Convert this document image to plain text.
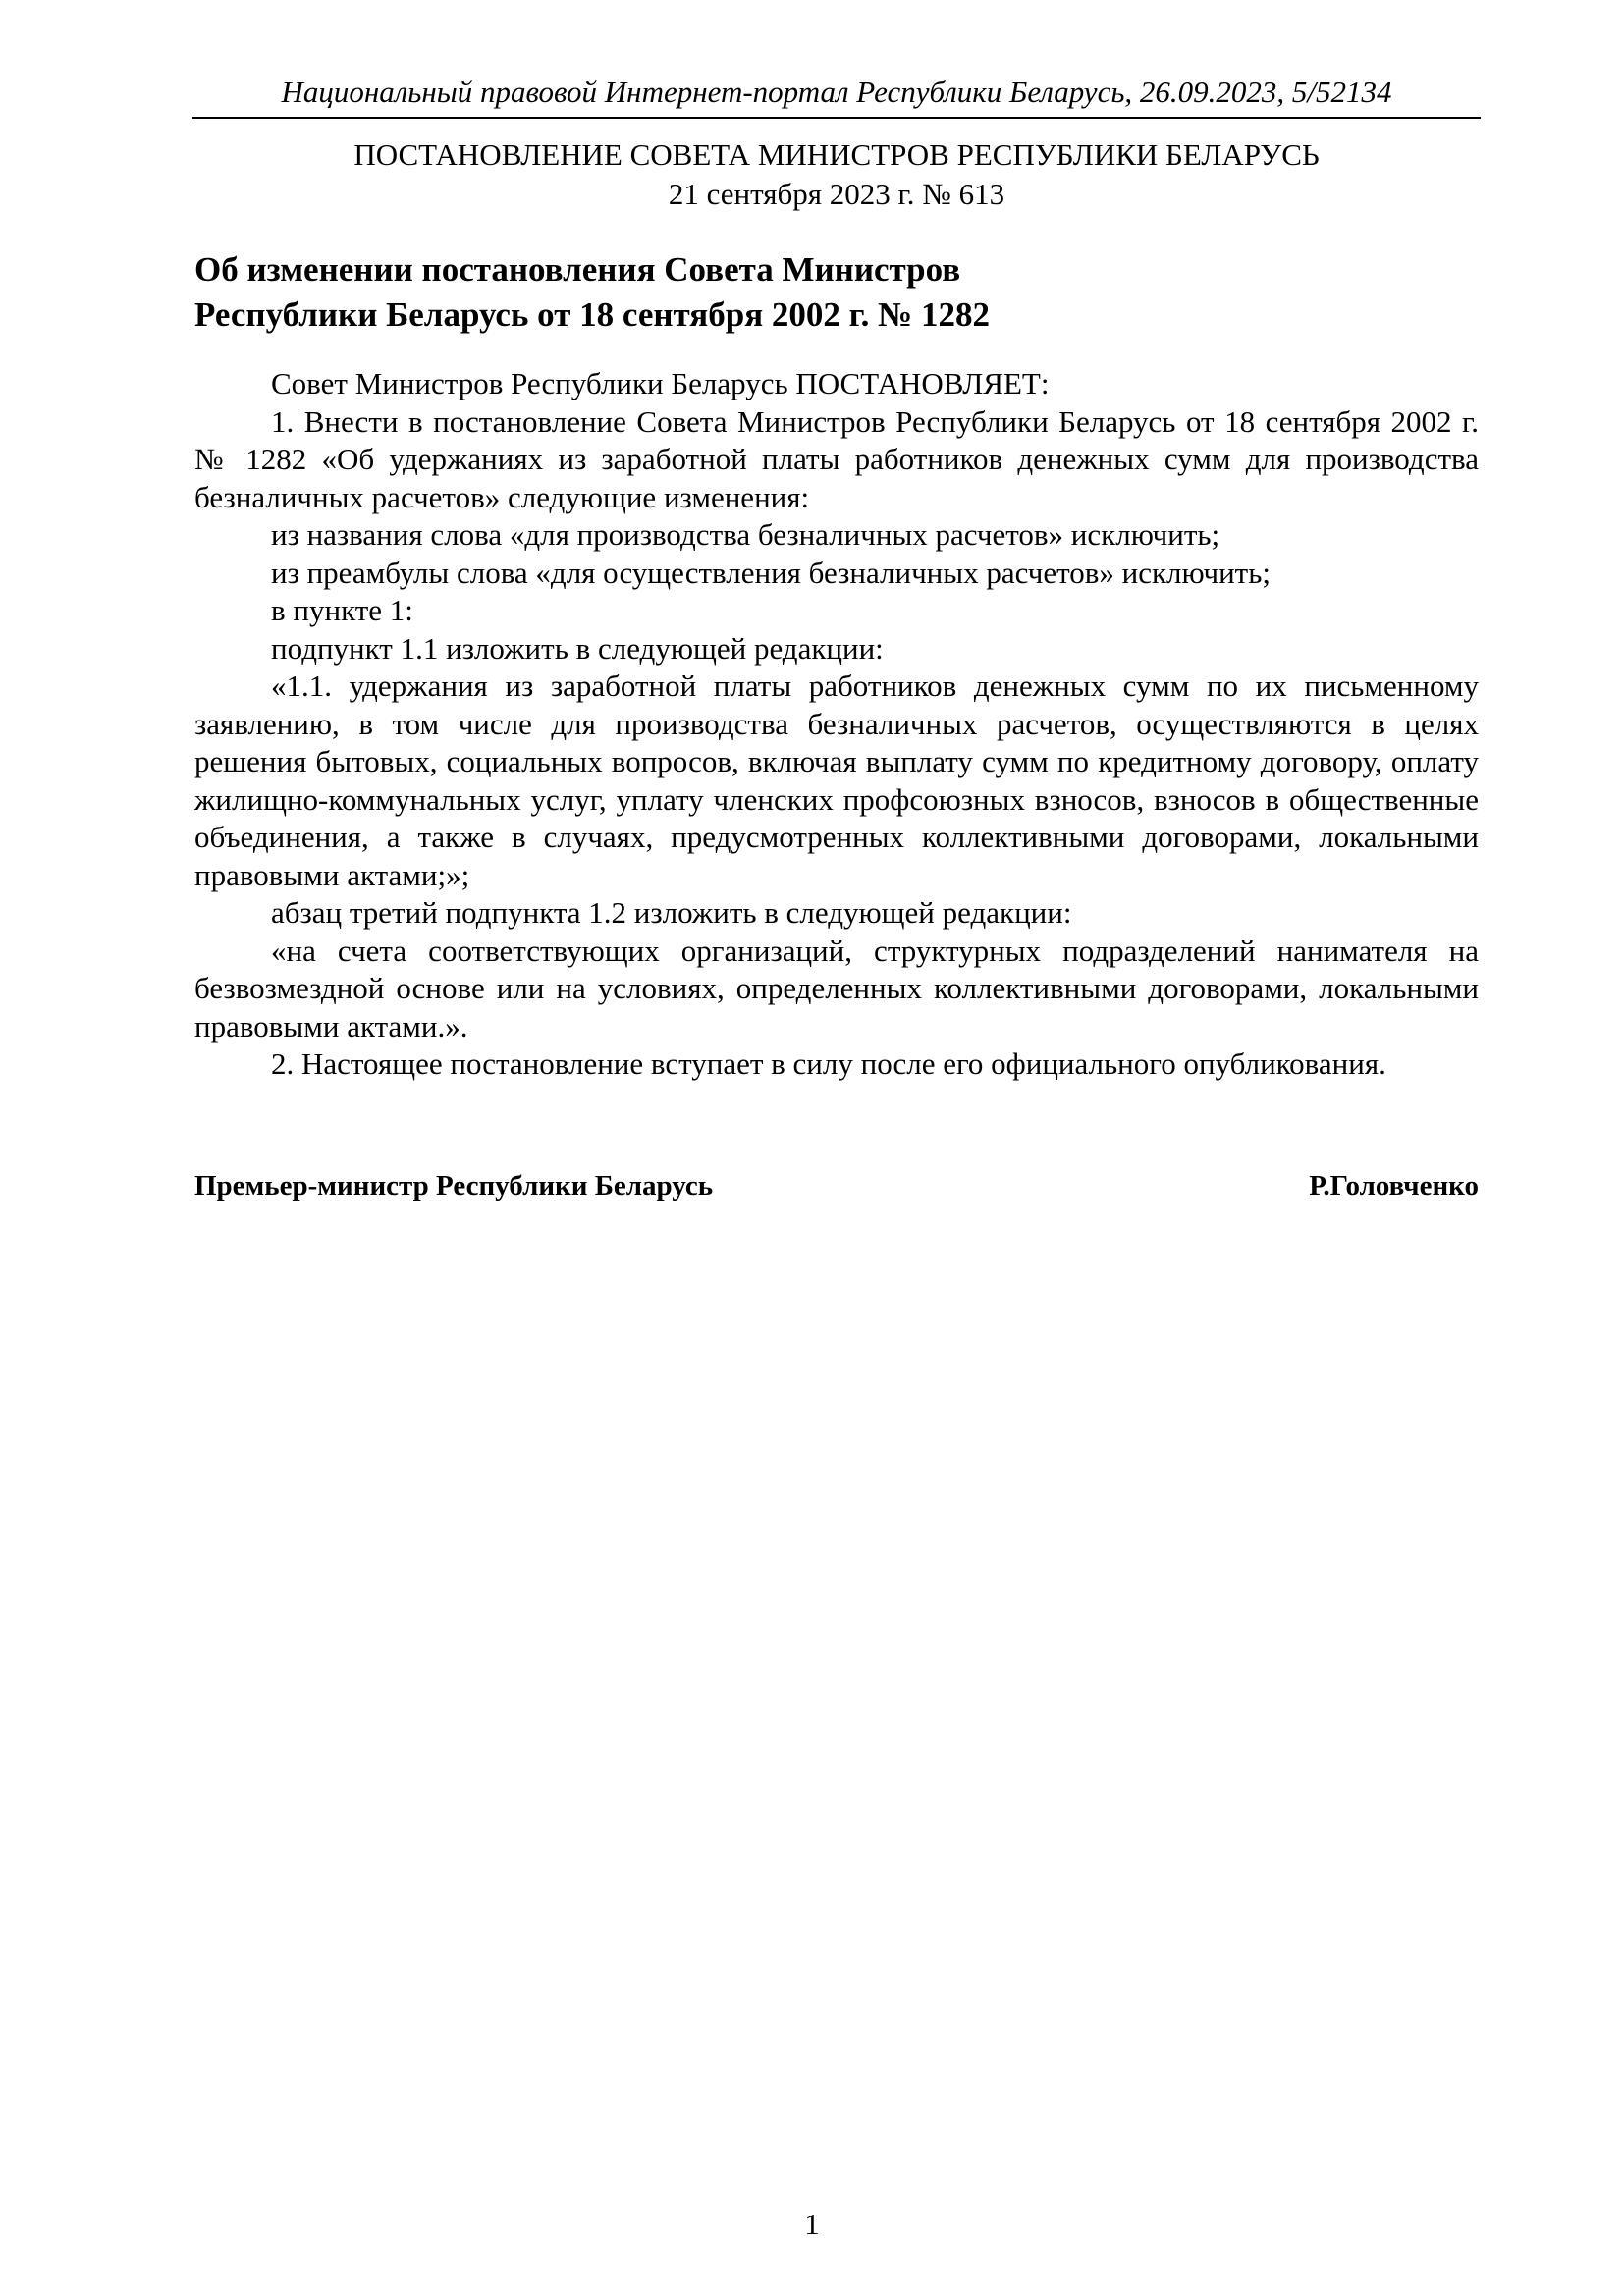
Национальный правовой Интернет-портал Республики Беларусь, 26.09.2023, 5/52134
ПОСТАНОВЛЕНИЕ СОВЕТА МИНИСТРОВ РЕСПУБЛИКИ БЕЛАРУСЬ
21 сентября 2023 г. № 613
Об изменении постановления Совета Министров
Республики Беларусь от 18 сентября 2002 г. № 1282

Совет Министров Республики Беларусь ПОСТАНОВЛЯЕТ:

1. Внести в постановление Совета Министров Республики Беларусь от 18 сентября 2002 г. № 1282 «Об удержаниях из заработной платы работников денежных сумм для производства безналичных расчетов» следующие изменения:

из названия слова «для производства безналичных расчетов» исключить;

из преамбулы слова «для осуществления безналичных расчетов» исключить;

в пункте 1:

подпункт 1.1 изложить в следующей редакции:

«1.1. удержания из заработной платы работников денежных сумм по их письменному заявлению, в том числе для производства безналичных расчетов, осуществляются в целях решения бытовых, социальных вопросов, включая выплату сумм по кредитному договору, оплату жилищно-коммунальных услуг, уплату членских профсоюзных взносов, взносов в общественные объединения, а также в случаях, предусмотренных коллективными договорами, локальными правовыми актами;»;

абзац третий подпункта 1.2 изложить в следующей редакции:

«на счета соответствующих организаций, структурных подразделений нанимателя на безвозмездной основе или на условиях, определенных коллективными договорами, локальными правовыми актами.».

2. Настоящее постановление вступает в силу после его официального опубликования.

Премьер-министр Республики Беларусь	Р.Головченко
1
